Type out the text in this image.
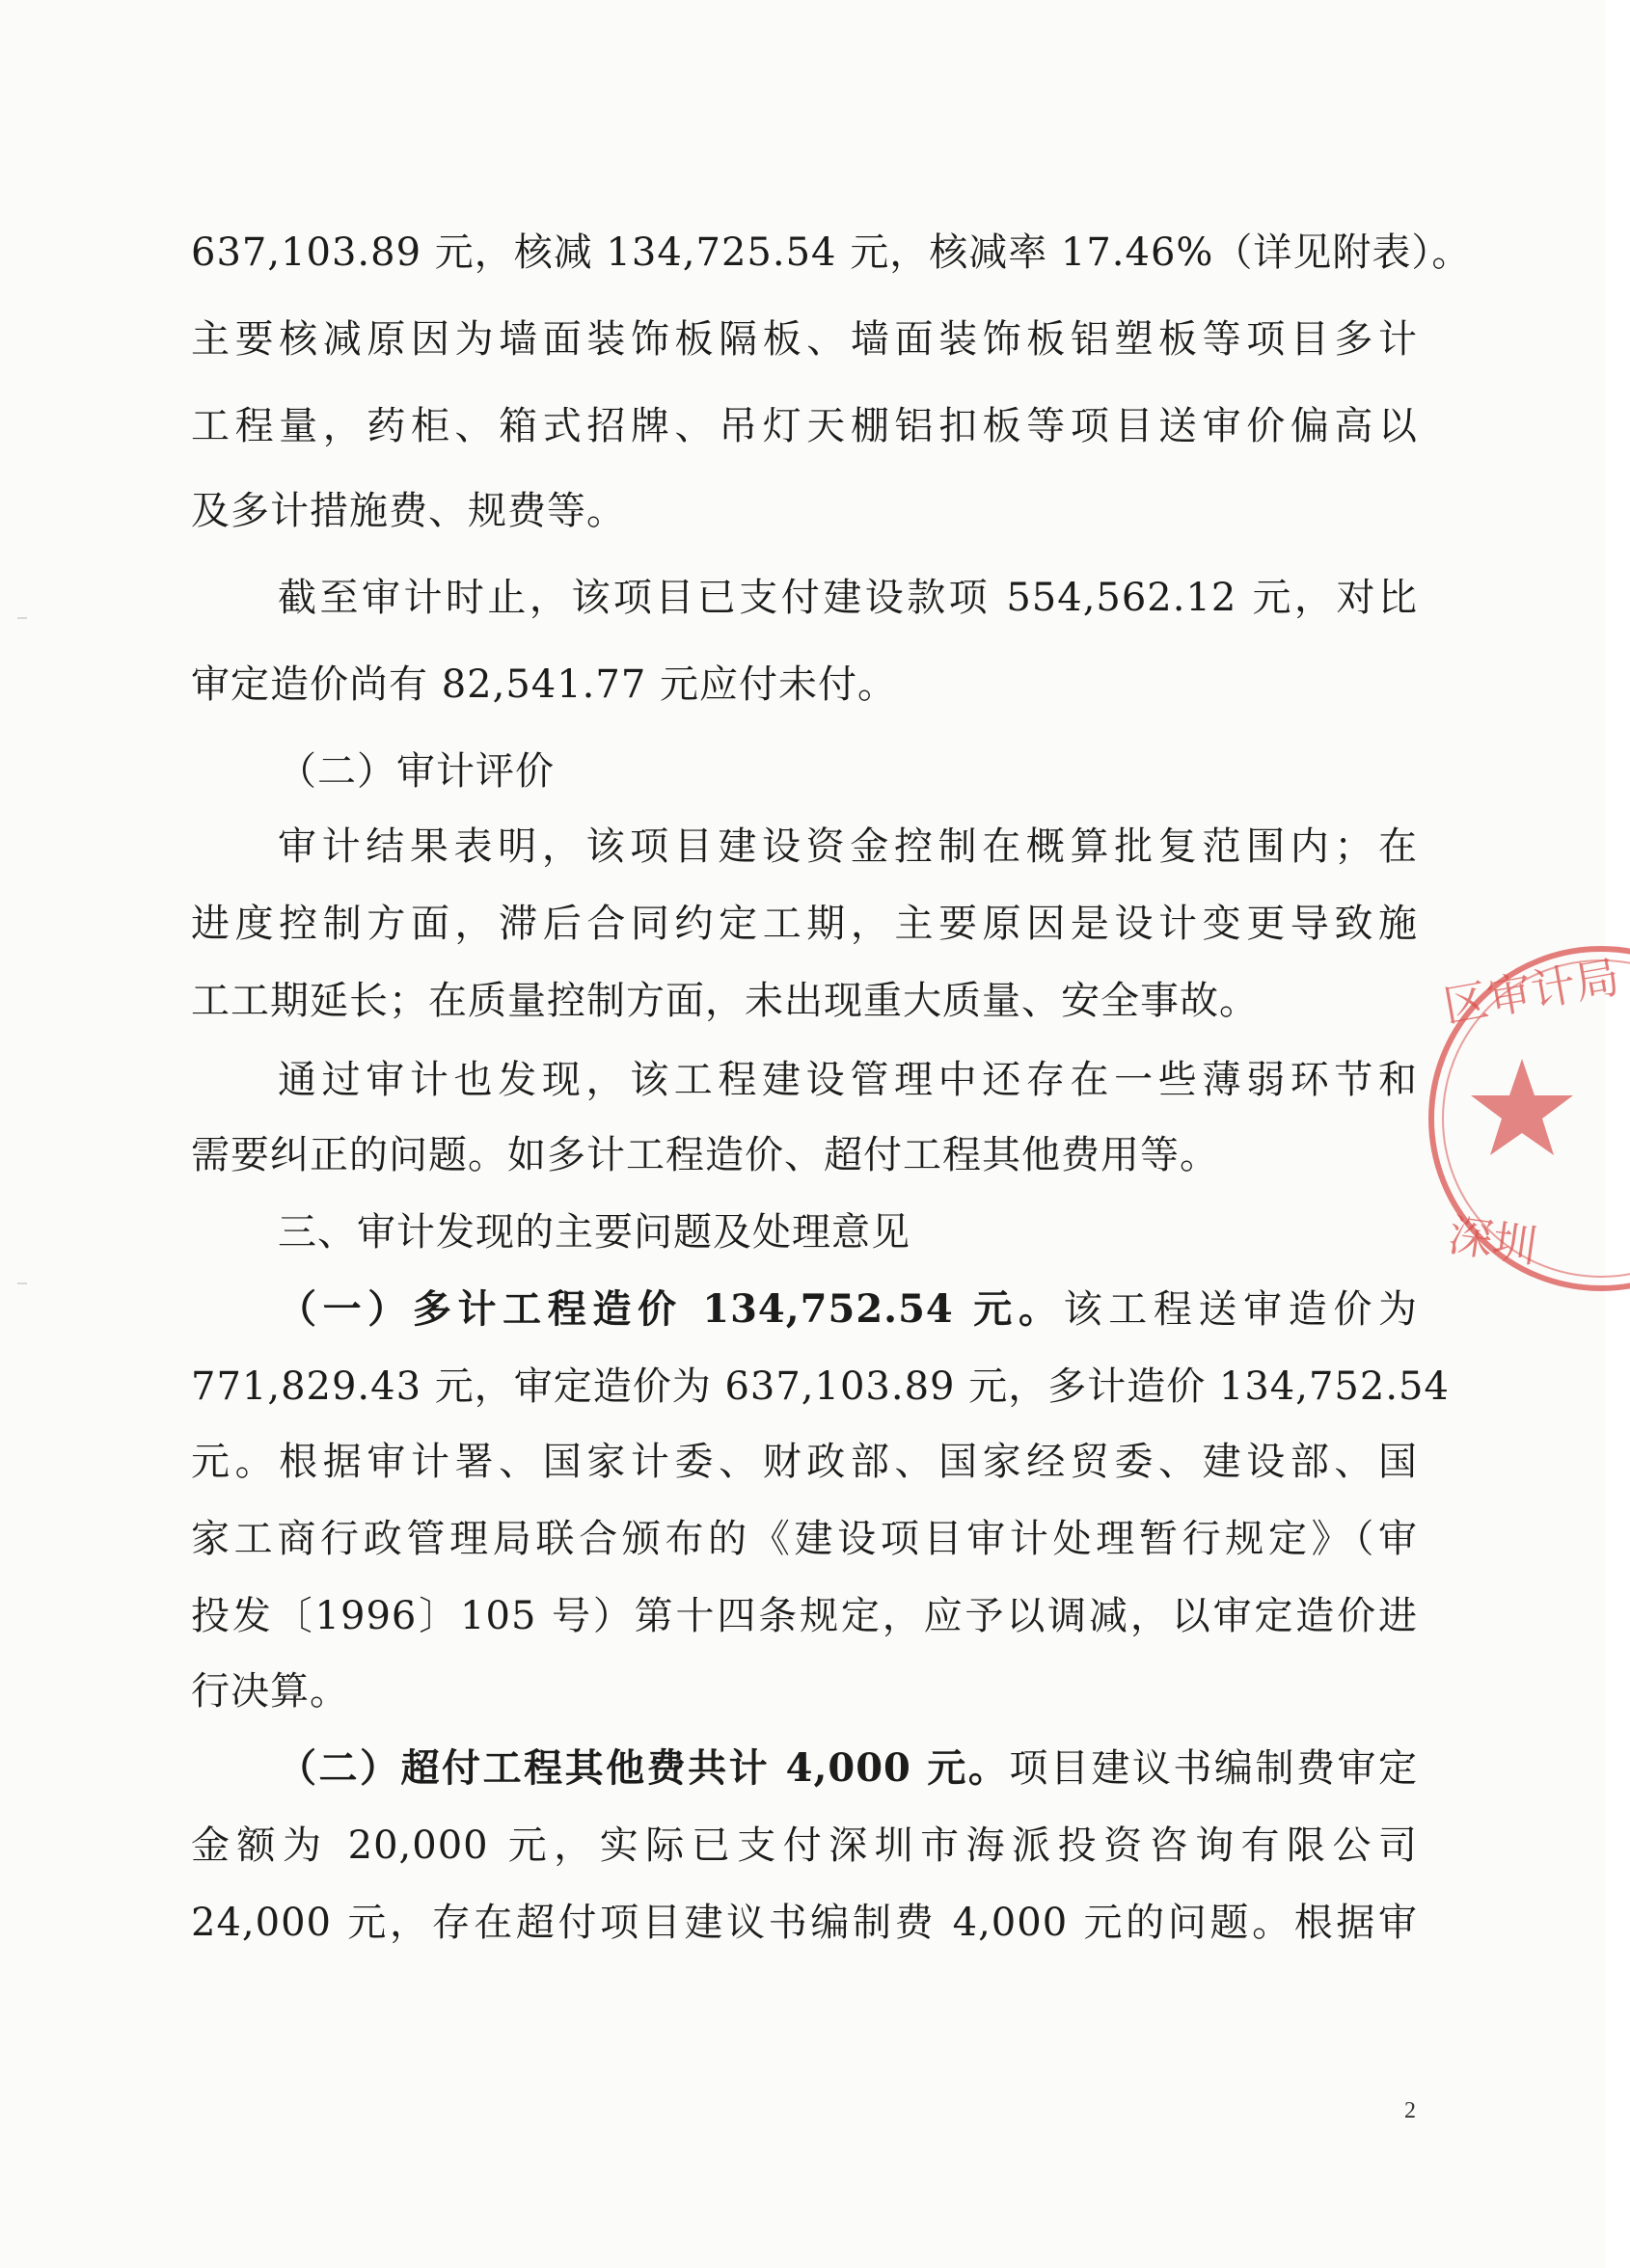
637,103.89 元，核减 134,725.54 元，核减率 17.46%（详见附表）。
主要核减原因为墙面装饰板隔板、墙面装饰板铝塑板等项目多计
工程量，药柜、箱式招牌、吊灯天棚铝扣板等项目送审价偏高以
及多计措施费、规费等。
截至审计时止，该项目已支付建设款项 554,562.12 元，对比
审定造价尚有 82,541.77 元应付未付。
（二）审计评价
审计结果表明，该项目建设资金控制在概算批复范围内；在
进度控制方面，滞后合同约定工期，主要原因是设计变更导致施
工工期延长；在质量控制方面，未出现重大质量、安全事故。
通过审计也发现，该工程建设管理中还存在一些薄弱环节和
需要纠正的问题。如多计工程造价、超付工程其他费用等。
三、审计发现的主要问题及处理意见
（一）多计工程造价 134,752.54 元。该工程送审造价为
771,829.43 元，审定造价为 637,103.89 元，多计造价 134,752.54
元。根据审计署、国家计委、财政部、国家经贸委、建设部、国
家工商行政管理局联合颁布的《建设项目审计处理暂行规定》（审
投发〔1996〕105 号）第十四条规定，应予以调减，以审定造价进
行决算。
（二）超付工程其他费共计 4,000 元。项目建议书编制费审定
金额为 20,000 元，实际已支付深圳市海派投资咨询有限公司
24,000 元，存在超付项目建议书编制费 4,000 元的问题。根据审
区审计局
深圳
2
